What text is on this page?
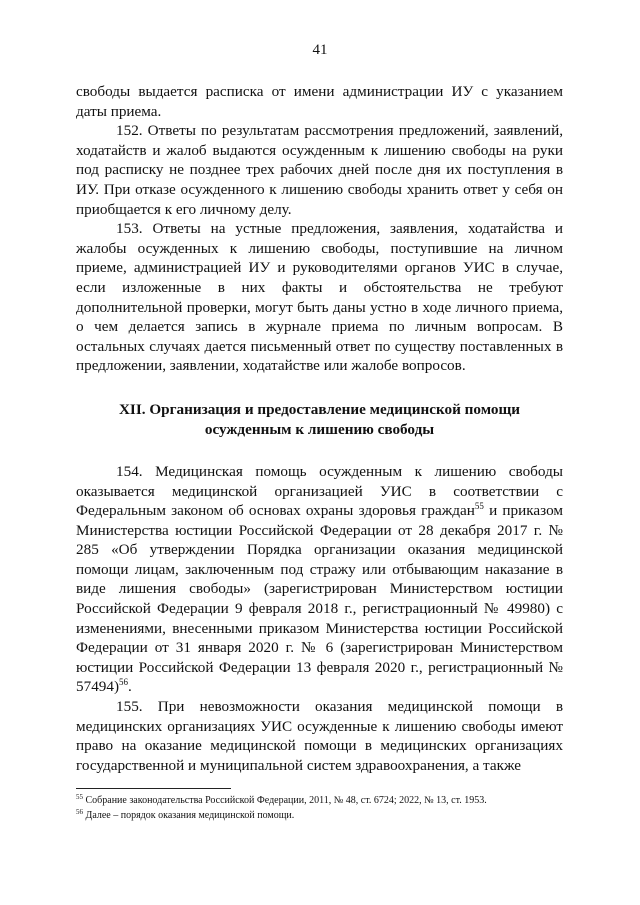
41

свободы выдается расписка от имени администрации ИУ с указанием даты приема.

152. Ответы по результатам рассмотрения предложений, заявлений, ходатайств и жалоб выдаются осужденным к лишению свободы на руки под расписку не позднее трех рабочих дней после дня их поступления в ИУ. При отказе осужденного к лишению свободы хранить ответ у себя он приобщается к его личному делу.

153. Ответы на устные предложения, заявления, ходатайства и жалобы осужденных к лишению свободы, поступившие на личном приеме, администрацией ИУ и руководителями органов УИС в случае, если изложенные в них факты и обстоятельства не требуют дополнительной проверки, могут быть даны устно в ходе личного приема, о чем делается запись в журнале приема по личным вопросам. В остальных случаях дается письменный ответ по существу поставленных в предложении, заявлении, ходатайстве или жалобе вопросов.

XII. Организация и предоставление медицинской помощи
осужденным к лишению свободы

154. Медицинская помощь осужденным к лишению свободы оказывается медицинской организацией УИС в соответствии с Федеральным законом об основах охраны здоровья граждан$^{55}$ и приказом Министерства юстиции Российской Федерации от 28 декабря 2017 г. № 285 «Об утверждении Порядка организации оказания медицинской помощи лицам, заключенным под стражу или отбывающим наказание в виде лишения свободы» (зарегистрирован Министерством юстиции Российской Федерации 9 февраля 2018 г., регистрационный № 49980) с изменениями, внесенными приказом Министерства юстиции Российской Федерации от 31 января 2020 г. № 6 (зарегистрирован Министерством юстиции Российской Федерации 13 февраля 2020 г., регистрационный № 57494)$^{56}$.

155. При невозможности оказания медицинской помощи в медицинских организациях УИС осужденные к лишению свободы имеют право на оказание медицинской помощи в медицинских организациях государственной и муниципальной систем здравоохранения, а также

$^{55}$ Собрание законодательства Российской Федерации, 2011, № 48, ст. 6724; 2022, № 13, ст. 1953.
$^{56}$ Далее – порядок оказания медицинской помощи.
